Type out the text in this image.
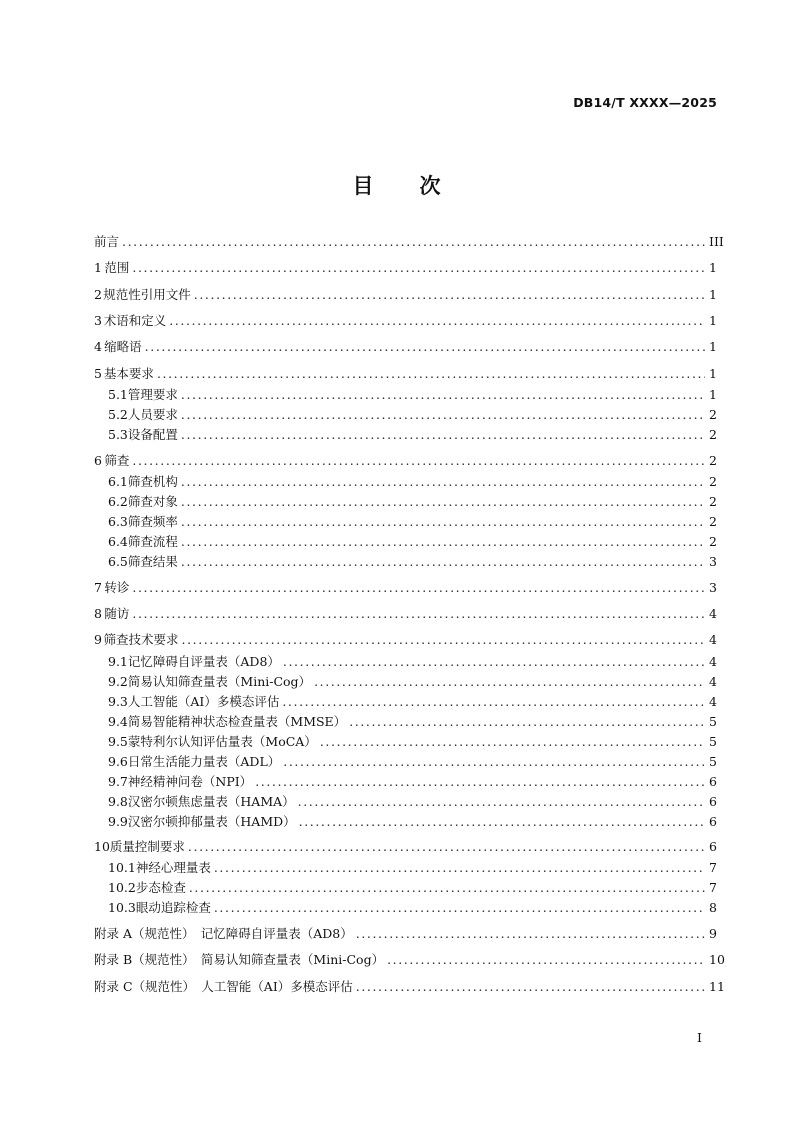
DB14/T XXXX—2025
目 次
前言 .....	III
1 范围 .....	1
2 规范性引用文件 .....	1
3 术语和定义 .....	1
4 缩略语 .....	1
5 基本要求 .....	1
5.1 管理要求 .....	1
5.2 人员要求 .....	2
5.3 设备配置 .....	2
6 筛查 .....	2
6.1 筛查机构 .....	2
6.2 筛查对象 .....	2
6.3 筛查频率 .....	2
6.4 筛查流程 .....	2
6.5 筛查结果 .....	3
7 转诊 .....	3
8 随访 .....	4
9 筛查技术要求 .....	4
9.1 记忆障碍自评量表（AD8） .....	4
9.2 简易认知筛查量表（Mini-Cog） .....	4
9.3 人工智能（AI）多模态评估 .....	4
9.4 简易智能精神状态检查量表（MMSE） .....	5
9.5 蒙特利尔认知评估量表（MoCA） .....	5
9.6 日常生活能力量表（ADL） .....	5
9.7 神经精神问卷（NPI） .....	6
9.8 汉密尔顿焦虑量表（HAMA） .....	6
9.9 汉密尔顿抑郁量表（HAMD） .....	6
10 质量控制要求 .....	6
10.1 神经心理量表 .....	7
10.2 步态检查 .....	7
10.3 眼动追踪检查 .....	8
附录 A（规范性）　记忆障碍自评量表（AD8） .....	9
附录 B（规范性）　简易认知筛查量表（Mini-Cog） .....	10
附录 C（规范性）　人工智能（AI）多模态评估 .....	11
I
